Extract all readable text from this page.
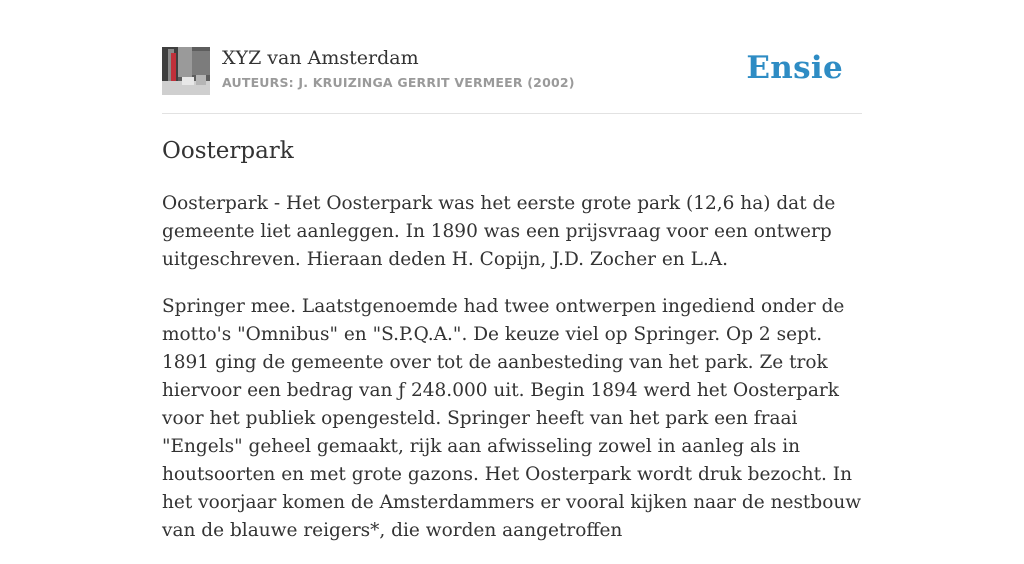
XYZ van Amsterdam
AUTEURS: J. KRUIZINGA GERRIT VERMEER (2002)	Ensie
Oosterpark

Oosterpark - Het Oosterpark was het eerste grote park (12,6 ha) dat de gemeente liet aanleggen. In 1890 was een prijsvraag voor een ontwerp uitgeschreven. Hieraan deden H. Copijn, J.D. Zocher en L.A.

Springer mee. Laatstgenoemde had twee ontwerpen ingediend onder de motto's "Omnibus" en "S.P.Q.A.". De keuze viel op Springer. Op 2 sept. 1891 ging de gemeente over tot de aanbesteding van het park. Ze trok hiervoor een bedrag van ƒ 248.000 uit. Begin 1894 werd het Oosterpark voor het publiek opengesteld. Springer heeft van het park een fraai "Engels" geheel gemaakt, rijk aan afwisseling zowel in aanleg als in houtsoorten en met grote gazons. Het Oosterpark wordt druk bezocht. In het voorjaar komen de Amsterdammers er vooral kijken naar de nestbouw van de blauwe reigers*, die worden aangetroffen
